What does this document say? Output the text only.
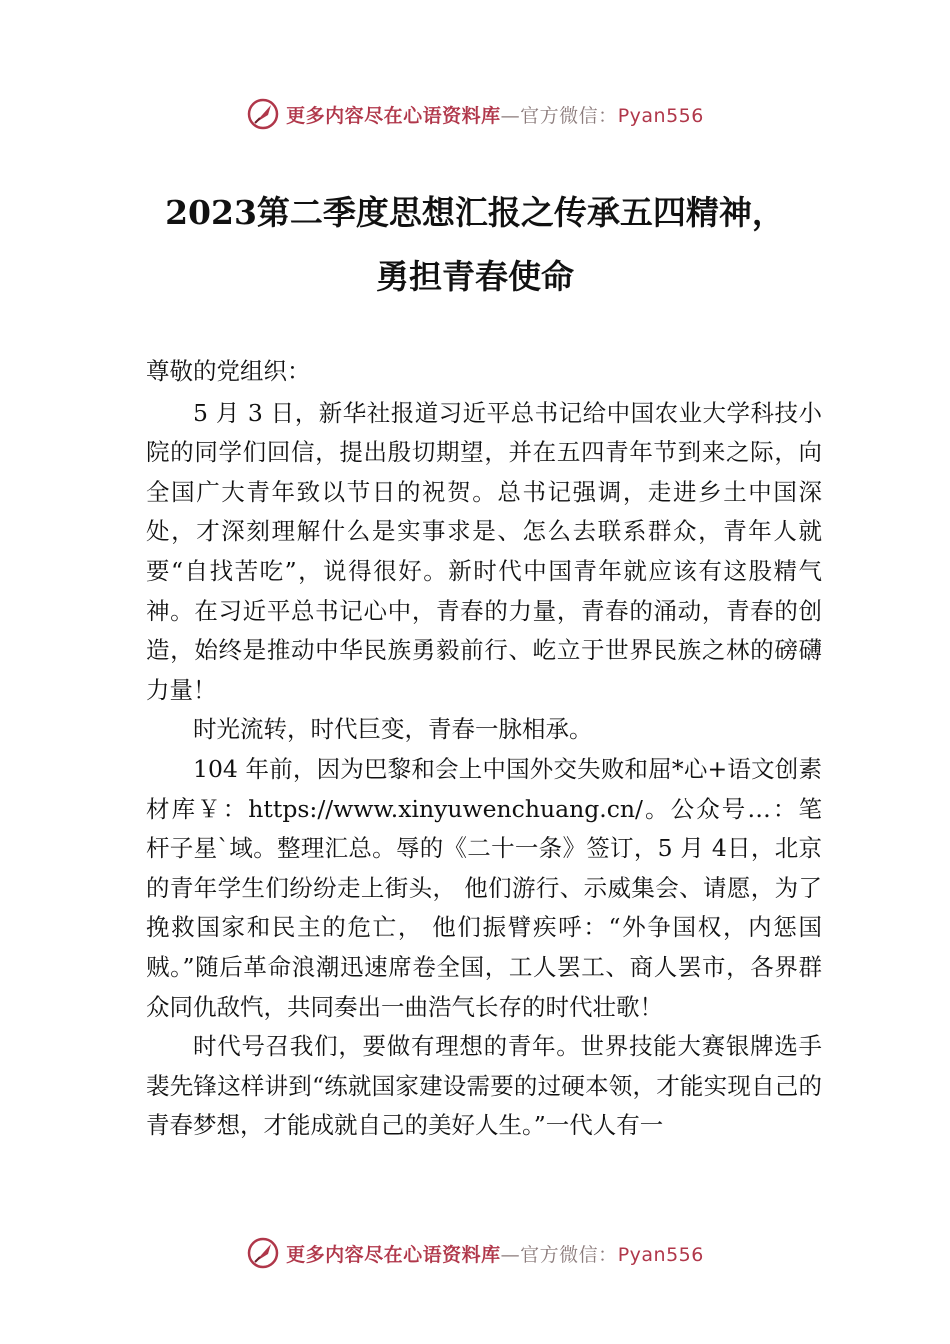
更多内容尽在心语资料库—官方微信：Pyan556
2023第二季度思想汇报之传承五四精神，
勇担青春使命

尊敬的党组织：

5 月 3 日，新华社报道习近平总书记给中国农业大学科技小院的同学们回信，提出殷切期望，并在五四青年节到来之际，向全国广大青年致以节日的祝贺。总书记强调，走进乡土中国深处，才深刻理解什么是实事求是、怎么去联系群众，青年人就要“自找苦吃”，说得很好。新时代中国青年就应该有这股精气神。在习近平总书记心中，青春的力量，青春的涌动，青春的创造，始终是推动中华民族勇毅前行、屹立于世界民族之林的磅礴力量！

时光流转，时代巨变，青春一脉相承。

104 年前，因为巴黎和会上中国外交失败和屈*心+语文创素材库￥：https://www.xinyuwenchuang.cn/。公众号…：笔杆子星`域。整理汇总。辱的《二十一条》签订，5 月 4日，北京的青年学生们纷纷走上街头， 他们游行、示威集会、请愿，为了挽救国家和民主的危亡， 他们振臂疾呼：“外争国权，内惩国贼。”随后革命浪潮迅速席卷全国，工人罢工、商人罢市，各界群众同仇敌忾，共同奏出一曲浩气长存的时代壮歌！

时代号召我们，要做有理想的青年。世界技能大赛银牌选手裴先锋这样讲到“练就国家建设需要的过硬本领，才能实现自己的青春梦想，才能成就自己的美好人生。”一代人有一

更多内容尽在心语资料库—官方微信：Pyan556
